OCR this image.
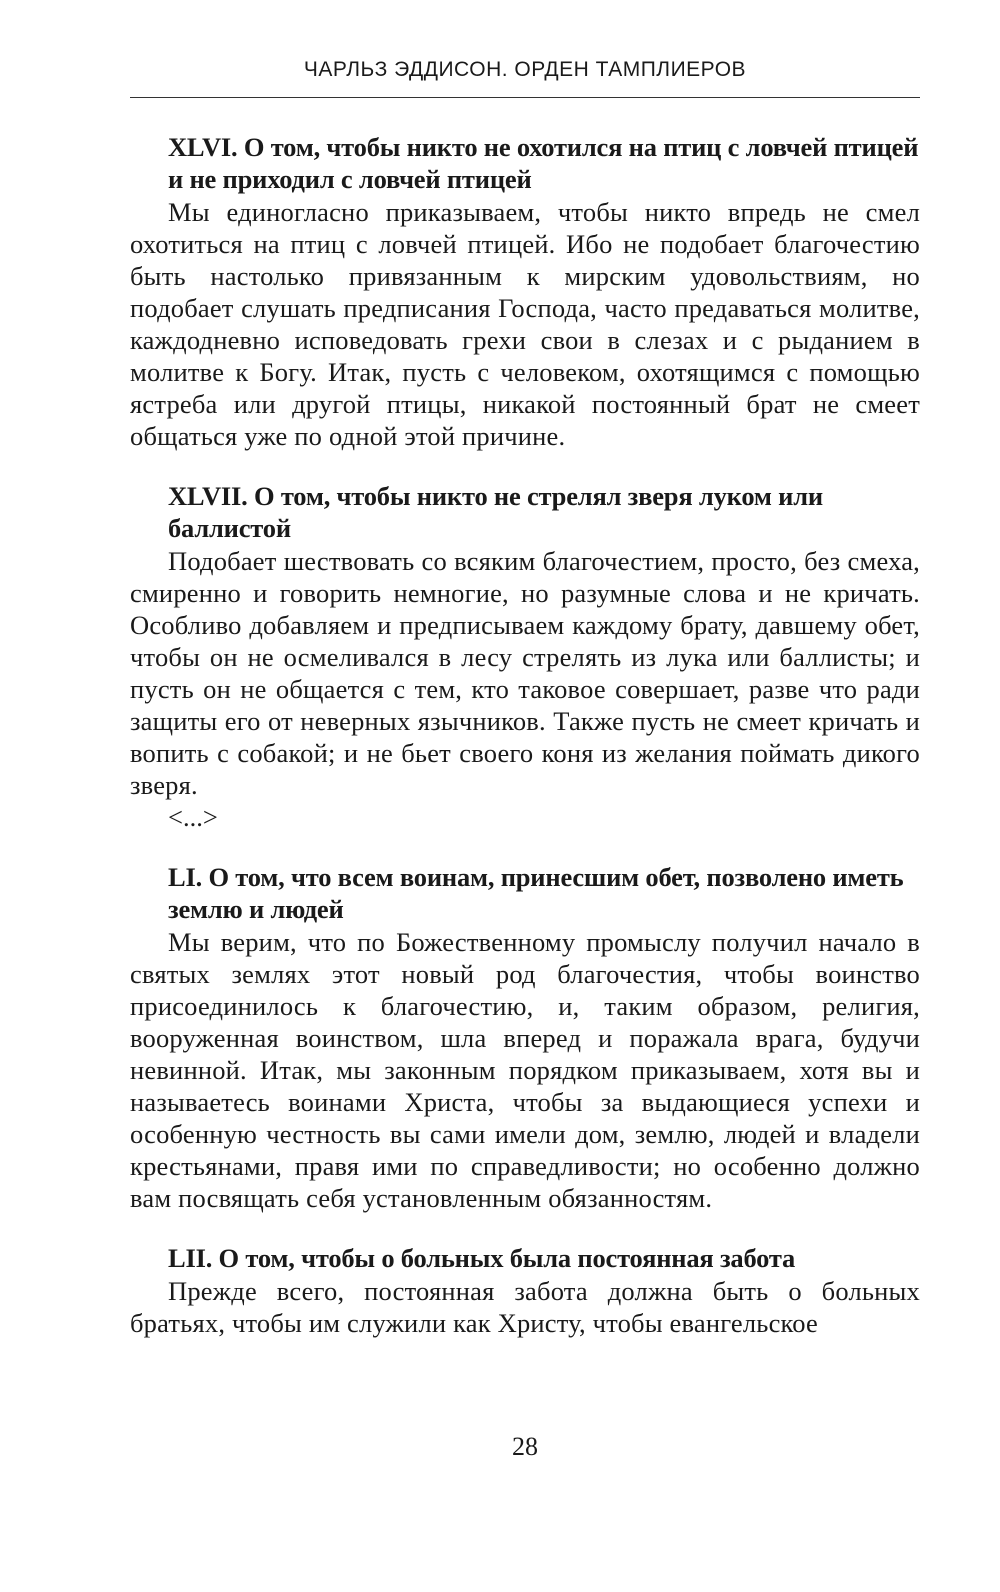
ЧАРЛЬЗ ЭДДИСОН. ОРДЕН ТАМПЛИЕРОВ

XLVI. О том, чтобы никто не охотился на птиц с ловчей птицей и не приходил с ловчей птицей

Мы единогласно приказываем, чтобы никто впредь не смел охотиться на птиц с ловчей птицей. Ибо не подобает благочестию быть настолько привязанным к мирским удовольствиям, но подобает слушать предписания Господа, часто предаваться молитве, каждодневно исповедовать грехи свои в слезах и с рыданием в молитве к Богу. Итак, пусть с человеком, охотящимся с помощью ястреба или другой птицы, никакой постоянный брат не смеет общаться уже по одной этой причине.

XLVII. О том, чтобы никто не стрелял зверя луком или баллистой

Подобает шествовать со всяким благочестием, просто, без смеха, смиренно и говорить немногие, но разумные слова и не кричать. Особливо добавляем и предписываем каждому брату, давшему обет, чтобы он не осмеливался в лесу стрелять из лука или баллисты; и пусть он не общается с тем, кто таковое совершает, разве что ради защиты его от неверных язычников. Также пусть не смеет кричать и вопить с собакой; и не бьет своего коня из желания поймать дикого зверя.

<...>

LI. О том, что всем воинам, принесшим обет, позволено иметь землю и людей

Мы верим, что по Божественному промыслу получил начало в святых землях этот новый род благочестия, чтобы воинство присоединилось к благочестию, и, таким образом, религия, вооруженная воинством, шла вперед и поражала врага, будучи невинной. Итак, мы законным порядком приказываем, хотя вы и называетесь воинами Христа, чтобы за выдающиеся успехи и особенную честность вы сами имели дом, землю, людей и владели крестьянами, правя ими по справедливости; но особенно должно вам посвящать себя установленным обязанностям.

LII. О том, чтобы о больных была постоянная забота

Прежде всего, постоянная забота должна быть о больных братьях, чтобы им служили как Христу, чтобы евангельское

28
